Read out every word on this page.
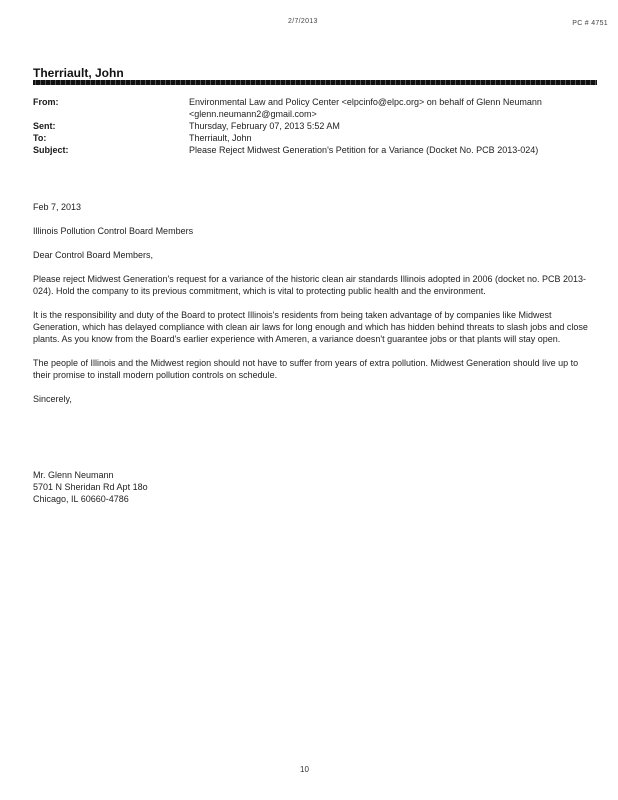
2/7/2013	PC # 4751
Therriault, John
From:	Environmental Law and Policy Center <elpcinfo@elpc.org> on behalf of Glenn Neumann <glenn.neumann2@gmail.com>
Sent:	Thursday, February 07, 2013 5:52 AM
To:	Therriault, John
Subject:	Please Reject Midwest Generation's Petition for a Variance (Docket No. PCB 2013-024)

Feb 7, 2013

Illinois Pollution Control Board Members

Dear Control Board Members,

Please reject Midwest Generation's request for a variance of the historic clean air standards Illinois adopted in 2006 (docket no. PCB 2013-024). Hold the company to its previous commitment, which is vital to protecting public health and the environment.

It is the responsibility and duty of the Board to protect Illinois's residents from being taken advantage of by companies like Midwest Generation, which has delayed compliance with clean air laws for long enough and which has hidden behind threats to slash jobs and close plants. As you know from the Board's earlier experience with Ameren, a variance doesn't guarantee jobs or that plants will stay open.

The people of Illinois and the Midwest region should not have to suffer from years of extra pollution. Midwest Generation should live up to their promise to install modern pollution controls on schedule.

Sincerely,

Mr. Glenn Neumann
5701 N Sheridan Rd Apt 18o
Chicago, IL 60660-4786
10
